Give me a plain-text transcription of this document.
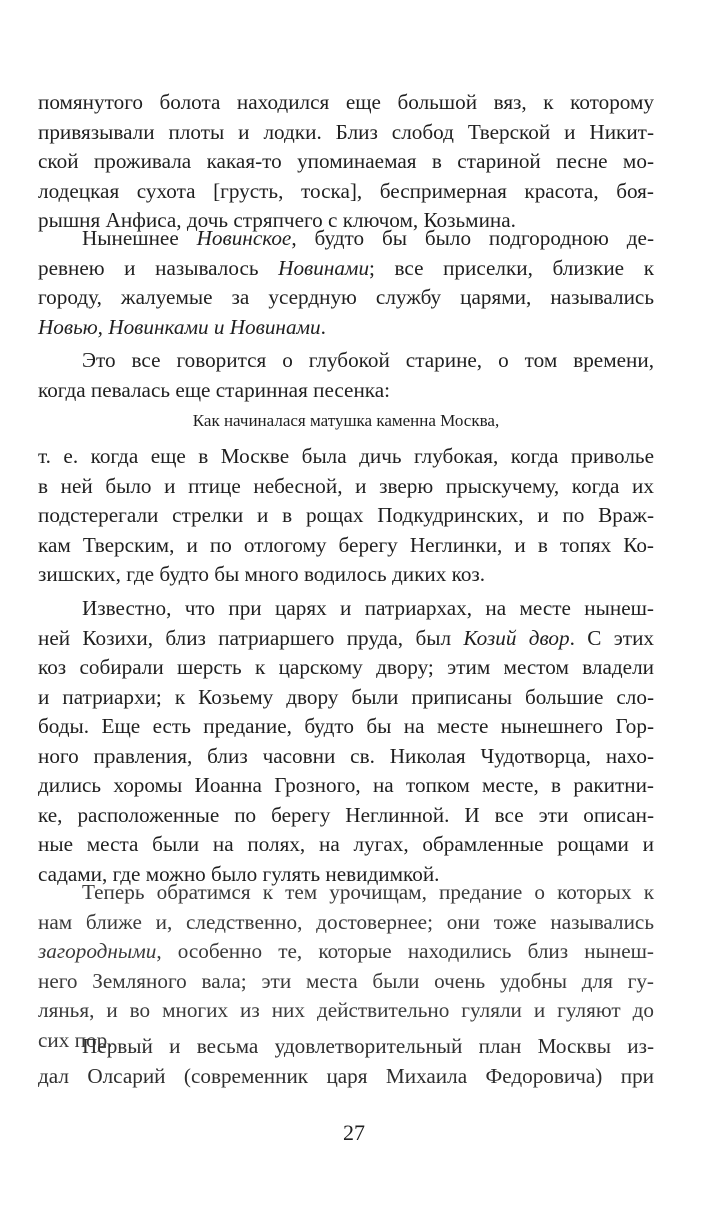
помянутого болота находился еще большой вяз, к которому
привязывали плоты и лодки. Близ слобод Тверской и Никит-
ской проживала какая-то упоминаемая в стариной песне мо-
лодецкая сухота [грусть, тоска], беспримерная красота, боя-
рышня Анфиса, дочь стряпчего с ключом, Козьмина.
Нынешнее Новинское, будто бы было подгородною де-
ревнею и называлось Новинами; все приселки, близкие к
городу, жалуемые за усердную службу царями, назывались
Новью, Новинками и Новинами.
Это все говорится о глубокой старине, о том времени,
когда певалась еще старинная песенка:
Как начиналася матушка каменна Москва,
т. е. когда еще в Москве была дичь глубокая, когда приволье
в ней было и птице небесной, и зверю прыскучему, когда их
подстерегали стрелки и в рощах Подкудринских, и по Враж-
кам Тверским, и по отлогому берегу Неглинки, и в топях Ко-
зишских, где будто бы много водилось диких коз.
Известно, что при царях и патриархах, на месте нынеш-
ней Козихи, близ патриаршего пруда, был Козий двор. С этих
коз собирали шерсть к царскому двору; этим местом владели
и патриархи; к Козьему двору были приписаны большие сло-
боды. Еще есть предание, будто бы на месте нынешнего Гор-
ного правления, близ часовни св. Николая Чудотворца, нахо-
дились хоромы Иоанна Грозного, на топком месте, в ракитни-
ке, расположенные по берегу Неглинной. И все эти описан-
ные места были на полях, на лугах, обрамленные рощами и
садами, где можно было гулять невидимкой.
Теперь обратимся к тем урочищам, предание о которых к
нам ближе и, следственно, достовернее; они тоже назывались
загородными, особенно те, которые находились близ нынеш-
него Земляного вала; эти места были очень удобны для гу-
лянья, и во многих из них действительно гуляли и гуляют до
сих пор.
Первый и весьма удовлетворительный план Москвы из-
дал Олсарий (современник царя Михаила Федоровича) при
27
